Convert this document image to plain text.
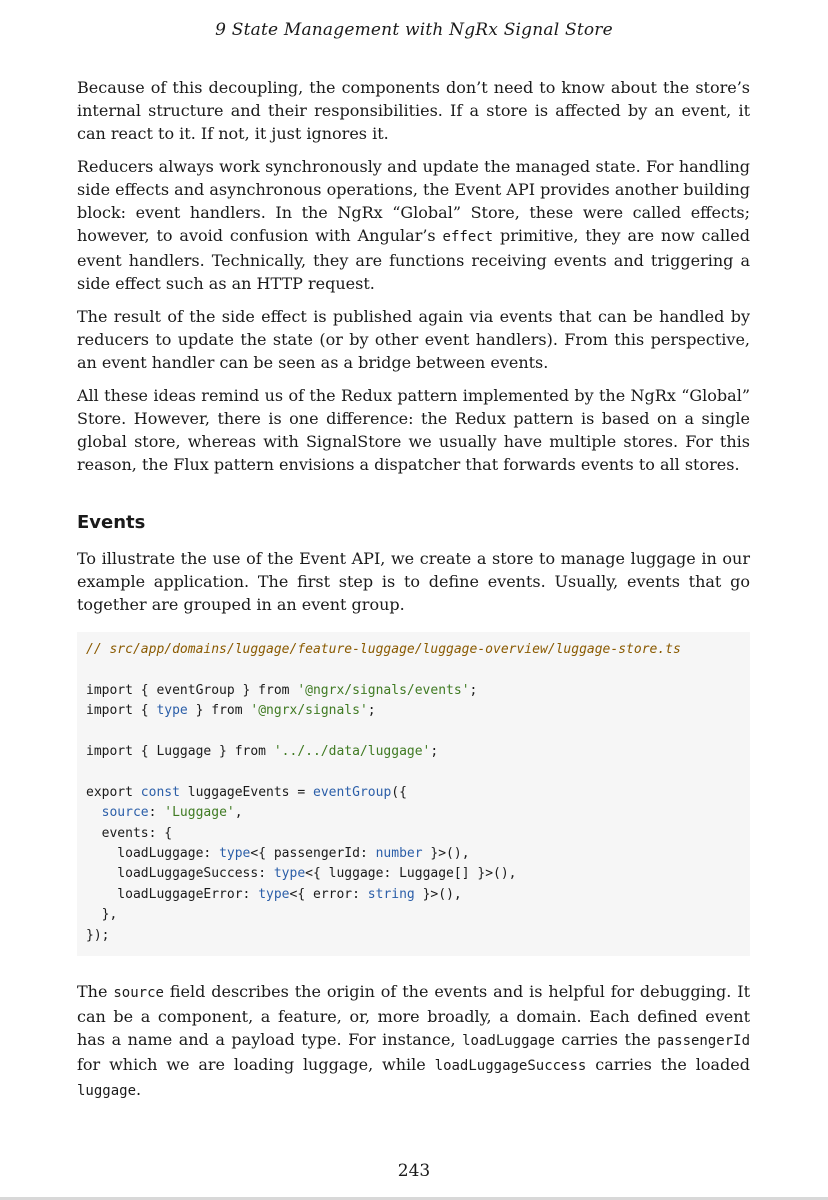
9 State Management with NgRx Signal Store

Because of this decoupling, the components don’t need to know about the store’s internal structure and their responsibilities. If a store is affected by an event, it can react to it. If not, it just ignores it.

Reducers always work synchronously and update the managed state. For handling side effects and asynchronous operations, the Event API provides another building block: event handlers. In the NgRx “Global” Store, these were called effects; however, to avoid confusion with Angular’s effect primitive, they are now called event handlers. Technically, they are functions receiving events and triggering a side effect such as an HTTP request.

The result of the side effect is published again via events that can be handled by reducers to update the state (or by other event handlers). From this perspective, an event handler can be seen as a bridge between events.

All these ideas remind us of the Redux pattern implemented by the NgRx “Global” Store. However, there is one difference: the Redux pattern is based on a single global store, whereas with SignalStore we usually have multiple stores. For this reason, the Flux pattern envisions a dispatcher that forwards events to all stores.

Events

To illustrate the use of the Event API, we create a store to manage luggage in our example application. The first step is to define events. Usually, events that go together are grouped in an event group.

// src/app/domains/luggage/feature-luggage/luggage-overview/luggage-store.ts
import { eventGroup } from '@ngrx/signals/events';
import { type } from '@ngrx/signals';
import { Luggage } from '../../data/luggage';
export const luggageEvents = eventGroup({
source: 'Luggage',
events: {
loadLuggage: type<{ passengerId: number }>(),
loadLuggageSuccess: type<{ luggage: Luggage[] }>(),
loadLuggageError: type<{ error: string }>(),
},
});

The source field describes the origin of the events and is helpful for debugging. It can be a component, a feature, or, more broadly, a domain. Each defined event has a name and a payload type. For instance, loadLuggage carries the passengerId for which we are loading luggage, while loadLuggageSuccess carries the loaded luggage.

243
